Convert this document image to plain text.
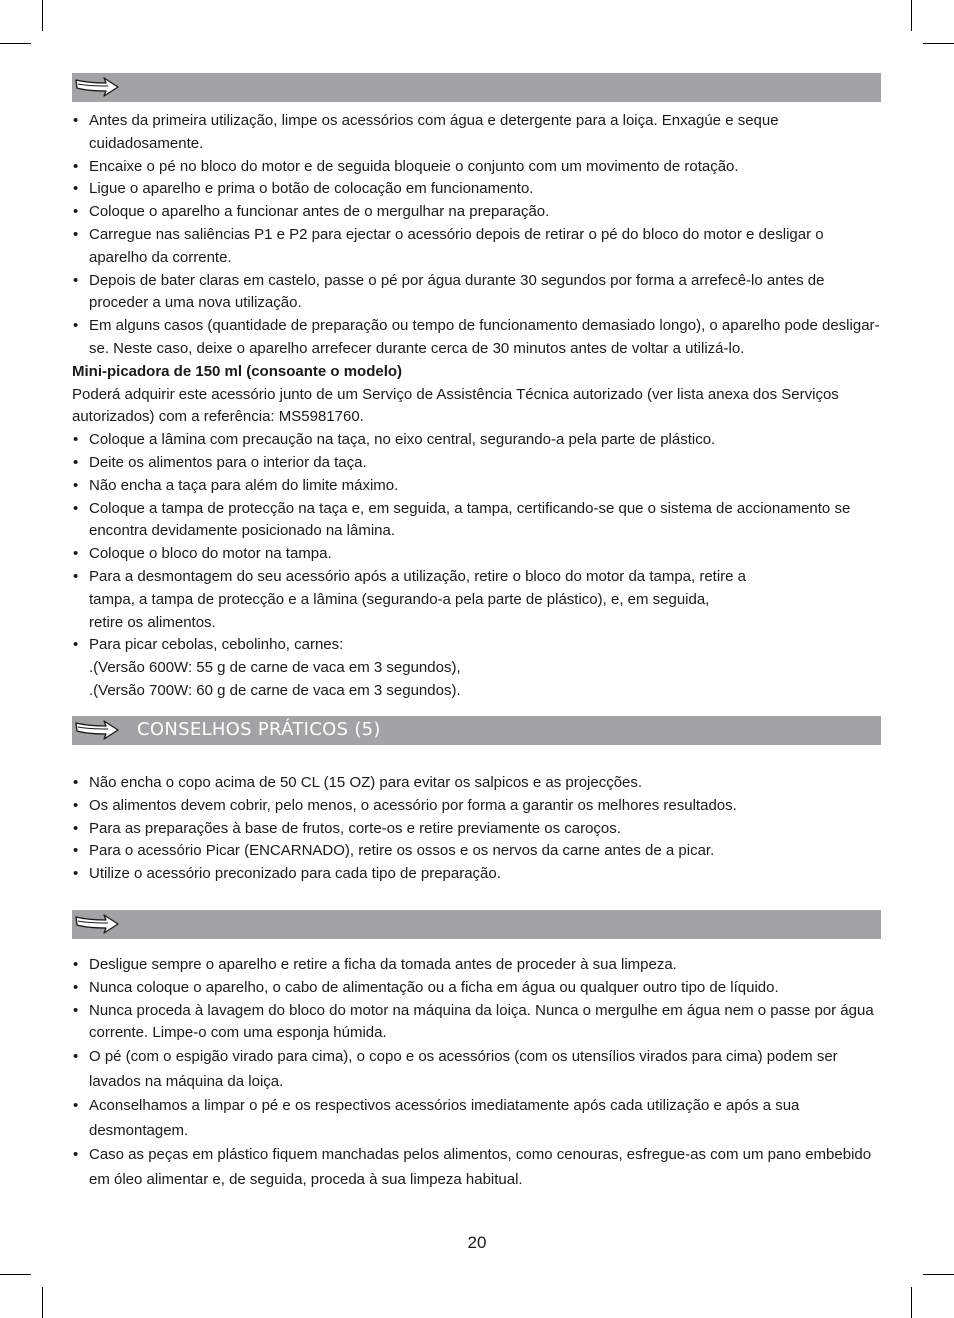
• Antes da primeira utilização, limpe os acessórios com água e detergente para a loiça. Enxagúe e seque cuidadosamente.
• Encaixe o pé no bloco do motor e de seguida bloqueie o conjunto com um movimento de rotação.
• Ligue o aparelho e prima o botão de colocação em funcionamento.
• Coloque o aparelho a funcionar antes de o mergulhar na preparação.
• Carregue nas saliências P1 e P2 para ejectar o acessório depois de retirar o pé do bloco do motor e desligar o aparelho da corrente.
• Depois de bater claras em castelo, passe o pé por água durante 30 segundos por forma a arrefecê-lo antes de proceder a uma nova utilização.
• Em alguns casos (quantidade de preparação ou tempo de funcionamento demasiado longo), o aparelho pode desligar-se. Neste caso, deixe o aparelho arrefecer durante cerca de 30 minutos antes de voltar a utilizá-lo.

Mini-picadora de 150 ml (consoante o modelo)

Poderá adquirir este acessório junto de um Serviço de Assistência Técnica autorizado (ver lista anexa dos Serviços autorizados) com a referência: MS5981760.

• Coloque a lâmina com precaução na taça, no eixo central, segurando-a pela parte de plástico.
• Deite os alimentos para o interior da taça.
• Não encha a taça para além do limite máximo.
• Coloque a tampa de protecção na taça e, em seguida, a tampa, certificando-se que o sistema de accionamento se encontra devidamente posicionado na lâmina.
• Coloque o bloco do motor na tampa.
• Para a desmontagem do seu acessório após a utilização, retire o bloco do motor da tampa, retire a
tampa, a tampa de protecção e a lâmina (segurando-a pela parte de plástico), e, em seguida,
retire os alimentos.
• Para picar cebolas, cebolinho, carnes:
.(Versão 600W: 55 g de carne de vaca em 3 segundos),
.(Versão 700W: 60 g de carne de vaca em 3 segundos).
CONSELHOS PRÁTICOS (5)
• Não encha o copo acima de 50 CL (15 OZ) para evitar os salpicos e as projecções.
• Os alimentos devem cobrir, pelo menos, o acessório por forma a garantir os melhores resultados.
• Para as preparações à base de frutos, corte-os e retire previamente os caroços.
• Para o acessório Picar (ENCARNADO), retire os ossos e os nervos da carne antes de a picar.
• Utilize o acessório preconizado para cada tipo de preparação.
• Desligue sempre o aparelho e retire a ficha da tomada antes de proceder à sua limpeza.
• Nunca coloque o aparelho, o cabo de alimentação ou a ficha em água ou qualquer outro tipo de líquido.
• Nunca proceda à lavagem do bloco do motor na máquina da loiça. Nunca o mergulhe em água nem o passe por água corrente. Limpe-o com uma esponja húmida.
• O pé (com o espigão virado para cima), o copo e os acessórios (com os utensílios virados para cima) podem ser lavados na máquina da loiça.
• Aconselhamos a limpar o pé e os respectivos acessórios imediatamente após cada utilização e após a sua desmontagem.
• Caso as peças em plástico fiquem manchadas pelos alimentos, como cenouras, esfregue-as com um pano embebido em óleo alimentar e, de seguida, proceda à sua limpeza habitual.
20
